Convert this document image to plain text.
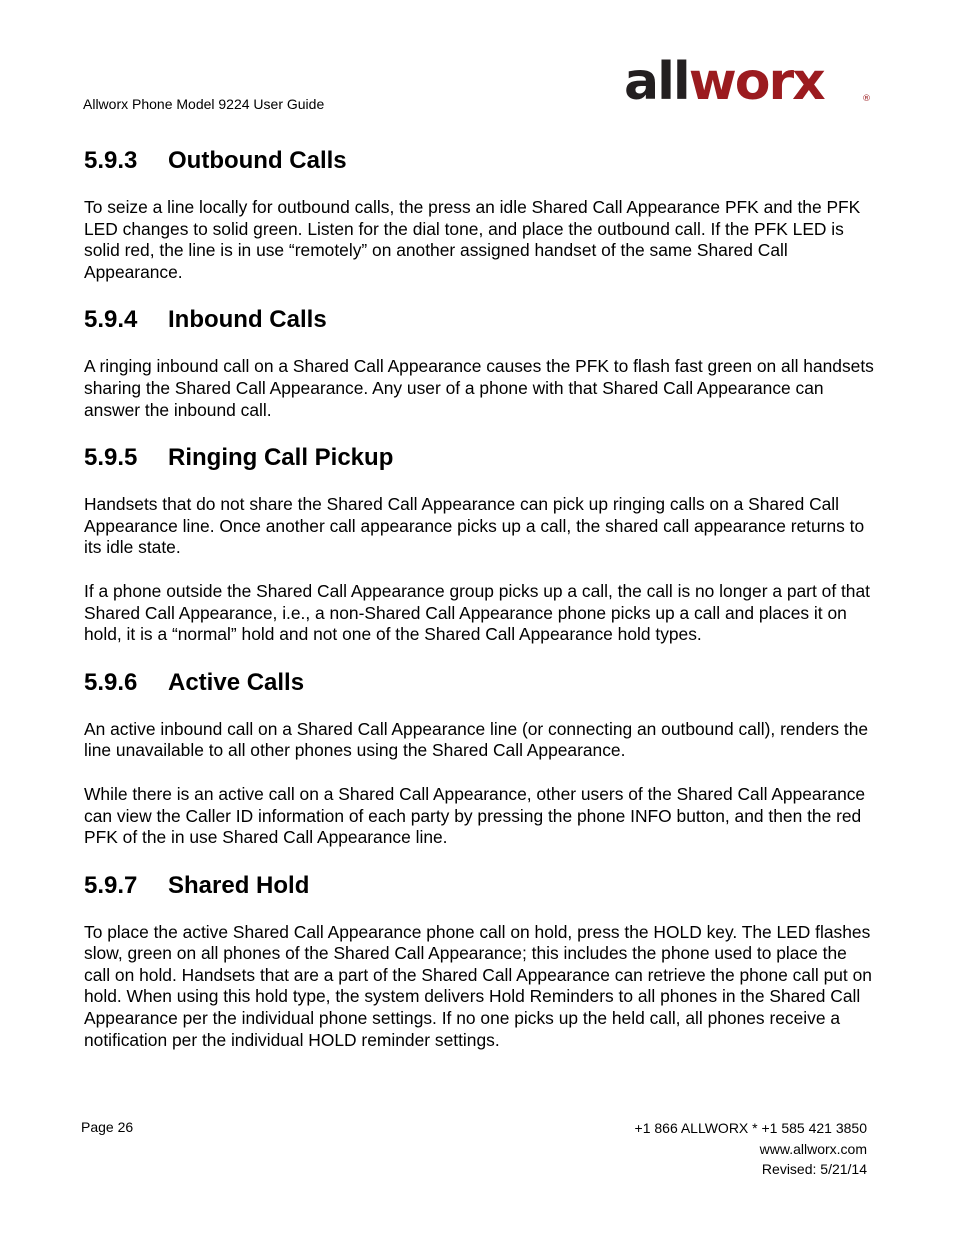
Allworx Phone Model 9224 User Guide	allworx	®
5.9.3	Outbound Calls

To seize a line locally for outbound calls, the press an idle Shared Call Appearance PFK and the PFK LED changes to solid green. Listen for the dial tone, and place the outbound call. If the PFK LED is solid red, the line is in use “remotely” on another assigned handset of the same Shared Call Appearance.

5.9.4	Inbound Calls

A ringing inbound call on a Shared Call Appearance causes the PFK to flash fast green on all handsets sharing the Shared Call Appearance. Any user of a phone with that Shared Call Appearance can answer the inbound call.

5.9.5	Ringing Call Pickup

Handsets that do not share the Shared Call Appearance can pick up ringing calls on a Shared Call Appearance line. Once another call appearance picks up a call, the shared call appearance returns to its idle state.

If a phone outside the Shared Call Appearance group picks up a call, the call is no longer a part of that Shared Call Appearance, i.e., a non-Shared Call Appearance phone picks up a call and places it on hold, it is a “normal” hold and not one of the Shared Call Appearance hold types.

5.9.6	Active Calls

An active inbound call on a Shared Call Appearance line (or connecting an outbound call), renders the line unavailable to all other phones using the Shared Call Appearance.

While there is an active call on a Shared Call Appearance, other users of the Shared Call Appearance can view the Caller ID information of each party by pressing the phone INFO button, and then the red PFK of the in use Shared Call Appearance line.

5.9.7	Shared Hold

To place the active Shared Call Appearance phone call on hold, press the HOLD key. The LED flashes slow, green on all phones of the Shared Call Appearance; this includes the phone used to place the call on hold. Handsets that are a part of the Shared Call Appearance can retrieve the phone call put on hold. When using this hold type, the system delivers Hold Reminders to all phones in the Shared Call Appearance per the individual phone settings. If no one picks up the held call, all phones receive a notification per the individual HOLD reminder settings.

Page 26	+1 866 ALLWORX * +1 585 421 3850
www.allworx.com
Revised: 5/21/14
